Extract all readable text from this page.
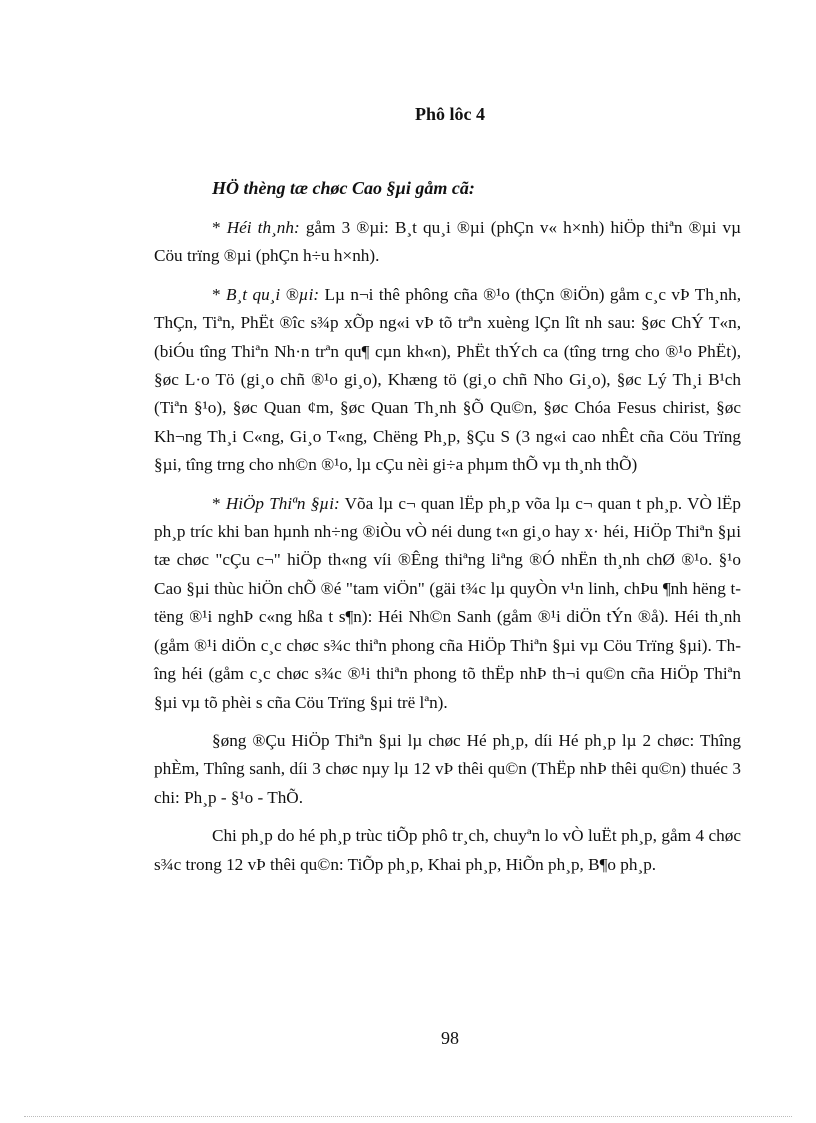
Phô lôc 4
HÖ thèng tæ chøc Cao §µi gåm cã:

* Héi th¸nh: gåm 3 ®µi: B¸t qu¸i ®µi (phÇn v« h×nh) hiÖp thiªn ®µi vµ Cöu trïng ®µi (phÇn h÷u h×nh).

* B¸t qu¸i ®µi: Lµ n¬i thê phông cña ®¹o (thÇn ®iÖn) gåm c¸c vÞ Th¸nh, ThÇn, Tiªn, PhËt ®îc s¾p xÕp ng«i vÞ tõ trªn xuèng lÇn lît nh sau: §øc ChÝ T«n, (biÓu tîng Thiªn Nh·n trªn qu¶ cµn kh«n), PhËt thÝch ca (tîng trng cho ®¹o PhËt), §øc L·o Tö (gi¸o chñ ®¹o gi¸o), Khæng tö (gi¸o chñ Nho Gi¸o), §øc Lý Th¸i B¹ch (Tiªn §¹o), §øc Quan ¢m, §øc Quan Th¸nh §Õ Qu©n, §øc Chóa Fesus chirist, §øc Kh¬ng Th¸i C«ng, Gi¸o T«ng, Chëng Ph¸p, §Çu S (3 ng«i cao nhÊt cña Cöu Trïng §µi, tîng trng cho nh©n ®¹o, lµ cÇu nèi gi÷a phµm thÕ vµ th¸nh thÕ)

* HiÖp Thiªn §µi: Võa lµ c¬ quan lËp ph¸p võa lµ c¬ quan t ph¸p. VÒ lËp ph¸p tríc khi ban hµnh nh÷ng ®iÒu vÒ néi dung t«n gi¸o hay x· héi, HiÖp Thiªn §µi tæ chøc "cÇu c¬" hiÖp th«ng víi ®Êng thiªng liªng ®Ó nhËn th¸nh chØ ®¹o. §¹o Cao §µi thùc hiÖn chÕ ®é "tam viÖn" (gäi t¾c lµ quyÒn v¹n linh, chÞu ¶nh hëng t tëng ®¹i nghÞ c«ng hßa t s¶n): Héi Nh©n Sanh (gåm ®¹i diÖn tÝn ®å). Héi th¸nh (gåm ®¹i diÖn c¸c chøc s¾c thiªn phong cña HiÖp Thiªn §µi vµ Cöu Trïng §µi). Thîng héi (gåm c¸c chøc s¾c ®¹i thiªn phong tõ thËp nhÞ th¬i qu©n cña HiÖp Thiªn §µi vµ tõ phèi s cña Cöu Trïng §µi trë lªn).

§øng ®Çu HiÖp Thiªn §µi lµ chøc Hé ph¸p, díi Hé ph¸p lµ 2 chøc: Thîng phÈm, Thîng sanh, díi 3 chøc nµy lµ 12 vÞ thêi qu©n (ThËp nhÞ thêi qu©n) thuéc 3 chi: Ph¸p - §¹o - ThÕ.

Chi ph¸p do hé ph¸p trùc tiÕp phô tr¸ch, chuyªn lo vÒ luËt ph¸p, gåm 4 chøc s¾c trong 12 vÞ thêi qu©n: TiÕp ph¸p, Khai ph¸p, HiÕn ph¸p, B¶o ph¸p.

98
